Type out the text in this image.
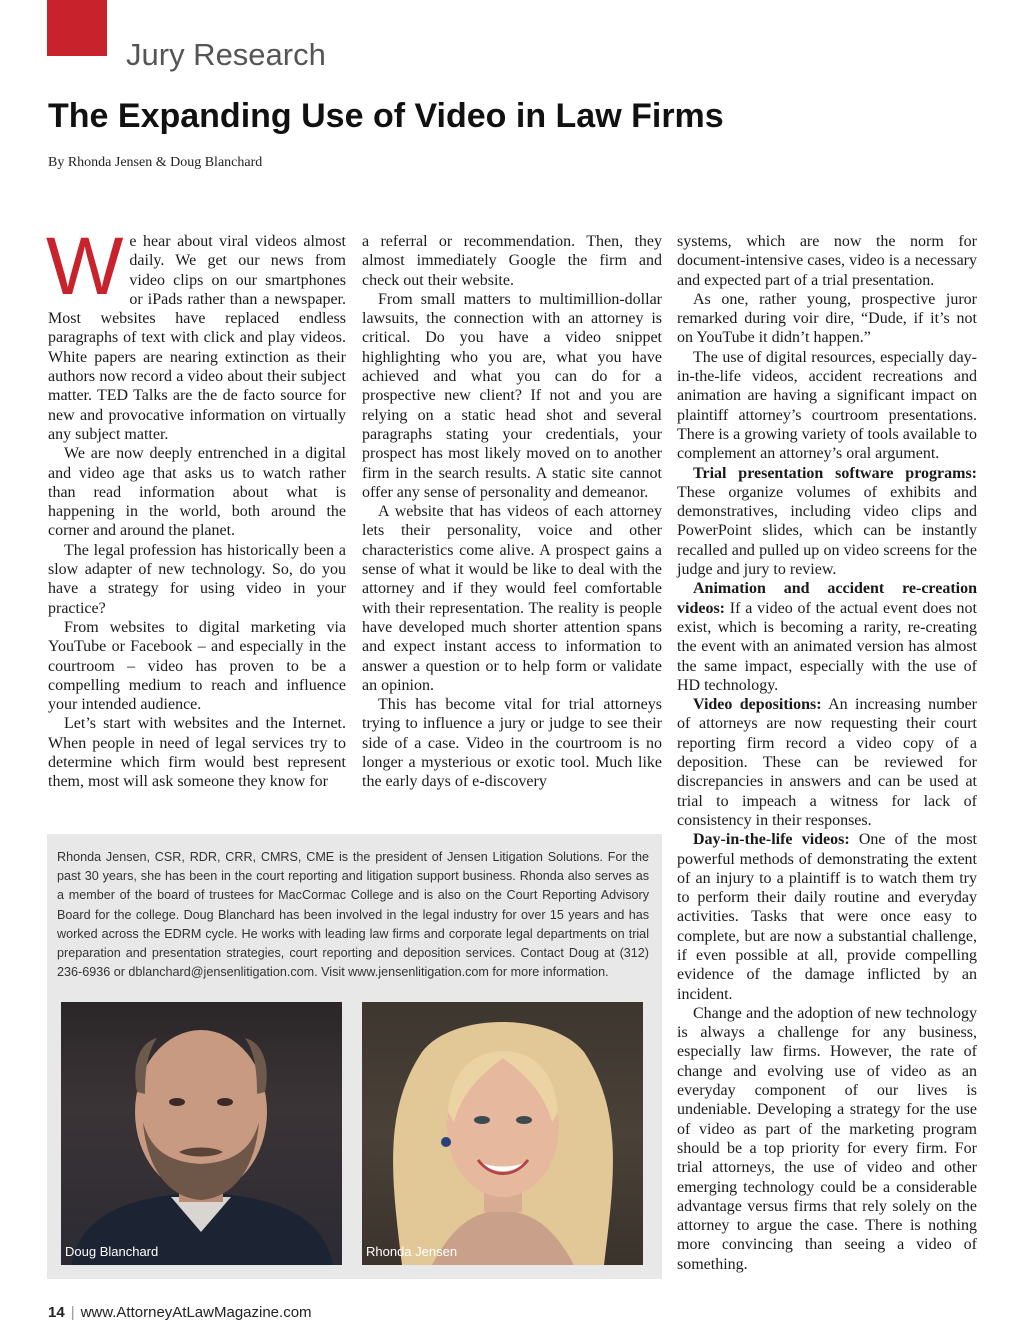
Jury Research
The Expanding Use of Video in Law Firms

By Rhonda Jensen & Doug Blanchard

We hear about viral videos almost daily. We get our news from video clips on our smartphones or iPads rather than a newspaper. Most websites have replaced endless paragraphs of text with click and play videos. White papers are nearing extinction as their authors now record a video about their subject matter. TED Talks are the de facto source for new and provocative information on virtually any subject matter.

We are now deeply entrenched in a digital and video age that asks us to watch rather than read information about what is happening in the world, both around the corner and around the planet.

The legal profession has historically been a slow adapter of new technology. So, do you have a strategy for using video in your practice?

From websites to digital marketing via YouTube or Facebook – and especially in the courtroom – video has proven to be a compelling medium to reach and influence your intended audience.

Let’s start with websites and the Internet. When people in need of legal services try to determine which firm would best represent them, most will ask someone they know for

a referral or recommendation. Then, they almost immediately Google the firm and check out their website.

From small matters to multimillion-dollar lawsuits, the connection with an attorney is critical. Do you have a video snippet highlighting who you are, what you have achieved and what you can do for a prospective new client? If not and you are relying on a static head shot and several paragraphs stating your credentials, your prospect has most likely moved on to another firm in the search results. A static site cannot offer any sense of personality and demeanor.

A website that has videos of each attorney lets their personality, voice and other characteristics come alive. A prospect gains a sense of what it would be like to deal with the attorney and if they would feel comfortable with their representation. The reality is people have developed much shorter attention spans and expect instant access to information to answer a question or to help form or validate an opinion.

This has become vital for trial attorneys trying to influence a jury or judge to see their side of a case. Video in the courtroom is no longer a mysterious or exotic tool. Much like the early days of e-discovery

systems, which are now the norm for document-intensive cases, video is a necessary and expected part of a trial presentation.

As one, rather young, prospective juror remarked during voir dire, “Dude, if it’s not on YouTube it didn’t happen.”

The use of digital resources, especially day-in-the-life videos, accident recreations and animation are having a significant impact on plaintiff attorney’s courtroom presentations. There is a growing variety of tools available to complement an attorney’s oral argument.

Trial presentation software programs: These organize volumes of exhibits and demonstratives, including video clips and PowerPoint slides, which can be instantly recalled and pulled up on video screens for the judge and jury to review.

Animation and accident re-creation videos: If a video of the actual event does not exist, which is becoming a rarity, re-creating the event with an animated version has almost the same impact, especially with the use of HD technology.

Video depositions: An increasing number of attorneys are now requesting their court reporting firm record a video copy of a deposition. These can be reviewed for discrepancies in answers and can be used at trial to impeach a witness for lack of consistency in their responses.

Day-in-the-life videos: One of the most powerful methods of demonstrating the extent of an injury to a plaintiff is to watch them try to perform their daily routine and everyday activities. Tasks that were once easy to complete, but are now a substantial challenge, if even possible at all, provide compelling evidence of the damage inflicted by an incident.

Change and the adoption of new technology is always a challenge for any business, especially law firms. However, the rate of change and evolving use of video as an everyday component of our lives is undeniable. Developing a strategy for the use of video as part of the marketing program should be a top priority for every firm. For trial attorneys, the use of video and other emerging technology could be a considerable advantage versus firms that rely solely on the attorney to argue the case. There is nothing more convincing than seeing a video of something.

Rhonda Jensen, CSR, RDR, CRR, CMRS, CME is the president of Jensen Litigation Solutions. For the past 30 years, she has been in the court reporting and litigation support business. Rhonda also serves as a member of the board of trustees for MacCormac College and is also on the Court Reporting Advisory Board for the college. Doug Blanchard has been involved in the legal industry for over 15 years and has worked across the EDRM cycle. He works with leading law firms and corporate legal departments on trial preparation and presentation strategies, court reporting and deposition services. Contact Doug at (312) 236-6936 or dblanchard@jensenlitigation.com. Visit www.jensenlitigation.com for more information.

Doug Blanchard	Rhonda Jensen
14 | www.AttorneyAtLawMagazine.com
